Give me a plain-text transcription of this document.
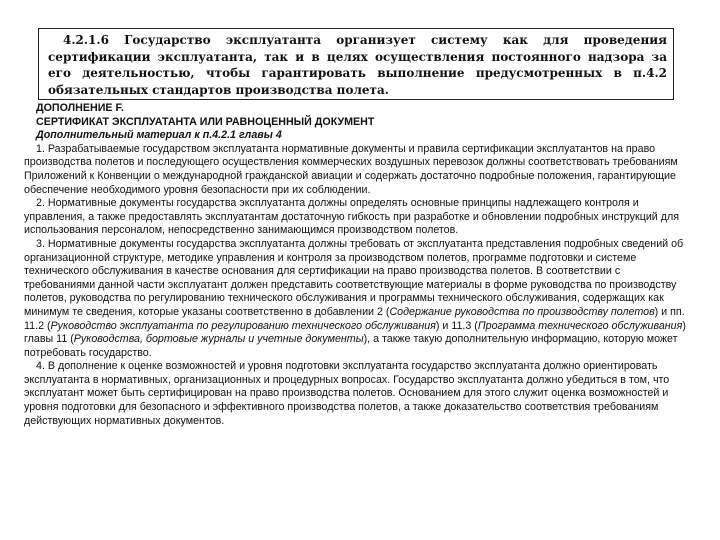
4.2.1.6 Государство эксплуатанта организует систему как для проведения сертификации эксплуатанта, так и в целях осуществления постоянного надзора за его деятельностью, чтобы гарантировать выполнение предусмотренных в п.4.2 обязательных стандартов производства полета.

ДОПОЛНЕНИЕ F.

СЕРТИФИКАТ ЭКСПЛУАТАНТА ИЛИ РАВНОЦЕННЫЙ ДОКУМЕНТ

Дополнительный материал к п.4.2.1 главы 4

1. Разрабатываемые государством эксплуатанта нормативные документы и правила сертификации эксплуатантов на право производства полетов и последующего осуществления коммерческих воздушных перевозок должны соответствовать требованиям Приложений к Конвенции о международной гражданской авиации и содержать достаточно подробные положения, гарантирующие обеспечение необходимого уровня безопасности при их соблюдении.

2. Нормативные документы государства эксплуатанта должны определять основные принципы надлежащего контроля и управления, а также предоставлять эксплуатантам достаточную гибкость при разработке и обновлении подробных инструкций для использования персоналом, непосредственно занимающимся производством полетов.

3. Нормативные документы государства эксплуатанта должны требовать от эксплуатанта представления подробных сведений об организационной структуре, методике управления и контроля за производством полетов, программе подготовки и системе технического обслуживания в качестве основания для сертификации на право производства полетов. В соответствии с требованиями данной части эксплуатант должен представить соответствующие материалы в форме руководства по производству полетов, руководства по регулированию технического обслуживания и программы технического обслуживания, содержащих как минимум те сведения, которые указаны соответственно в добавлении 2 (Содержание руководства по производству полетов) и пп. 11.2 (Руководство эксплуатанта по регулированию технического обслуживания) и 11.3 (Программа технического обслуживания) главы 11 (Руководства, бортовые журналы и учетные документы), а также такую дополнительную информацию, которую может потребовать государство.

4. В дополнение к оценке возможностей и уровня подготовки эксплуатанта государство эксплуатанта должно ориентировать эксплуатанта в нормативных, организационных и процедурных вопросах. Государство эксплуатанта должно убедиться в том, что эксплуатант может быть сертифицирован на право производства полетов. Основанием для этого служит оценка возможностей и уровня подготовки для безопасного и эффективного производства полетов, а также доказательство соответствия требованиям действующих нормативных документов.
